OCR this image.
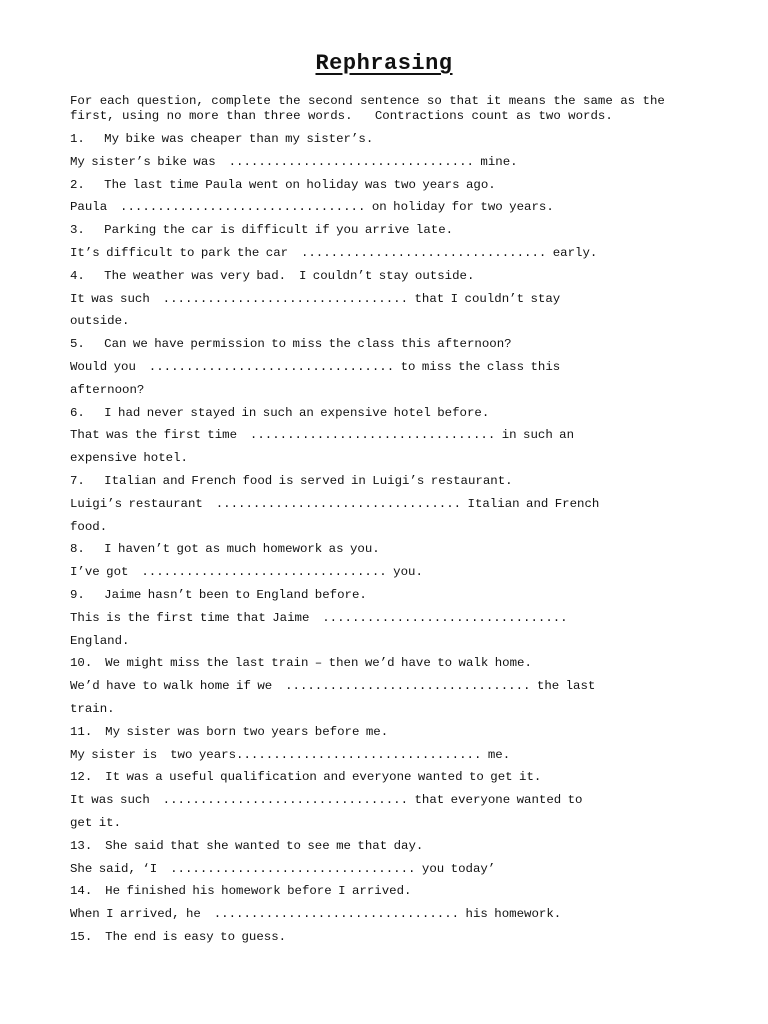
Rephrasing
For each question, complete the second sentence so that it means the same as the first, using no more than three words.   Contractions count as two words.
1.   My bike was cheaper than my sister’s.
My sister’s bike was  ................................. mine.
2.   The last time Paula went on holiday was two years ago.
Paula  ................................. on holiday for two years.
3.   Parking the car is difficult if you arrive late.
It’s difficult to park the car  ................................. early.
4.   The weather was very bad.  I couldn’t stay outside.
It was such  ................................. that I couldn’t stay
outside.
5.   Can we have permission to miss the class this afternoon?
Would you  ................................. to miss the class this
afternoon?
6.   I had never stayed in such an expensive hotel before.
That was the first time  ................................. in such an
expensive hotel.
7.   Italian and French food is served in Luigi’s restaurant.
Luigi’s restaurant  ................................. Italian and French
food.
8.   I haven’t got as much homework as you.
I’ve got  ................................. you.
9.   Jaime hasn’t been to England before.
This is the first time that Jaime  .................................
England.
10.  We might miss the last train – then we’d have to walk home.
We’d have to walk home if we  ................................. the last
train.
11.  My sister was born two years before me.
My sister is  two years................................. me.
12.  It was a useful qualification and everyone wanted to get it.
It was such  ................................. that everyone wanted to
get it.
13.  She said that she wanted to see me that day.
She said, ‘I  ................................. you today’
14.  He finished his homework before I arrived.
When I arrived, he  ................................. his homework.
15.  The end is easy to guess.
